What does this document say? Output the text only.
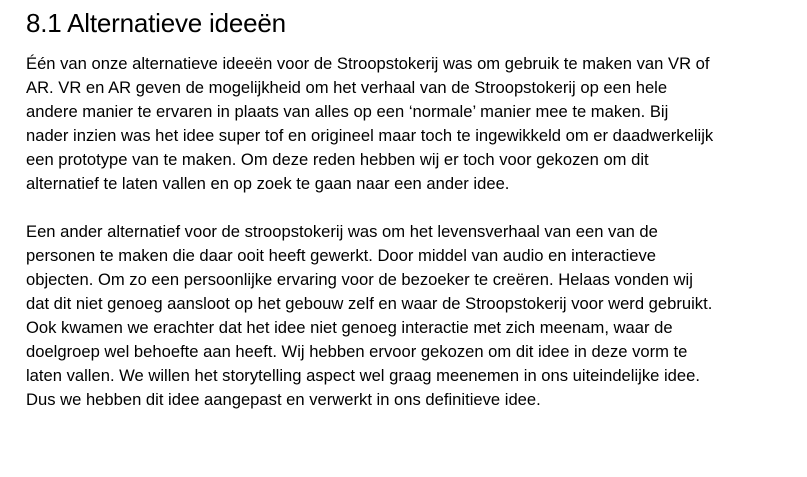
8.1 Alternatieve ideeën

Één van onze alternatieve ideeën voor de Stroopstokerij was om gebruik te maken van VR of
AR. VR en AR geven de mogelijkheid om het verhaal van de Stroopstokerij op een hele
andere manier te ervaren in plaats van alles op een ‘normale’ manier mee te maken. Bij
nader inzien was het idee super tof en origineel maar toch te ingewikkeld om er daadwerkelijk
een prototype van te maken. Om deze reden hebben wij er toch voor gekozen om dit
alternatief te laten vallen en op zoek te gaan naar een ander idee.

Een ander alternatief voor de stroopstokerij was om het levensverhaal van een van de
personen te maken die daar ooit heeft gewerkt. Door middel van audio en interactieve
objecten. Om zo een persoonlijke ervaring voor de bezoeker te creëren. Helaas vonden wij
dat dit niet genoeg aansloot op het gebouw zelf en waar de Stroopstokerij voor werd gebruikt.
Ook kwamen we erachter dat het idee niet genoeg interactie met zich meenam, waar de
doelgroep wel behoefte aan heeft. Wij hebben ervoor gekozen om dit idee in deze vorm te
laten vallen. We willen het storytelling aspect wel graag meenemen in ons uiteindelijke idee.
Dus we hebben dit idee aangepast en verwerkt in ons definitieve idee.
